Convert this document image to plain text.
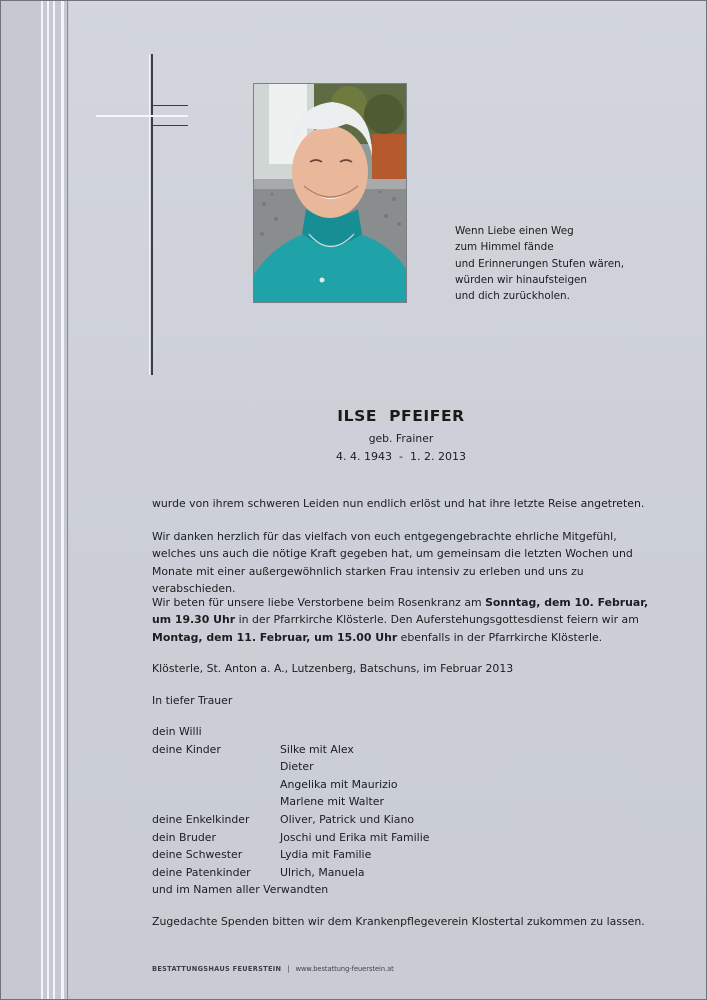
Wenn Liebe einen Weg
zum Himmel fände
und Erinnerungen Stufen wären,
würden wir hinaufsteigen
und dich zurückholen.
ILSE PFEIFER
geb. Frainer
4. 4. 1943  -  1. 2. 2013
wurde von ihrem schweren Leiden nun endlich erlöst und hat ihre letzte Reise angetreten.
Wir danken herzlich für das vielfach von euch entgegengebrachte ehrliche Mitgefühl, welches uns auch die nötige Kraft gegeben hat, um gemeinsam die letzten Wochen und Monate mit einer außergewöhnlich starken Frau intensiv zu erleben und uns zu verabschieden.
Wir beten für unsere liebe Verstorbene beim Rosenkranz am Sonntag, dem 10. Februar, um 19.30 Uhr in der Pfarrkirche Klösterle. Den Auferstehungsgottesdienst feiern wir am Montag, dem 11. Februar, um 15.00 Uhr ebenfalls in der Pfarrkirche Klösterle.
Klösterle, St. Anton a. A., Lutzenberg, Batschuns, im Februar 2013
In tiefer Trauer
dein Willi
deine Kinder	Silke mit Alex
Dieter
Angelika mit Maurizio
Marlene mit Walter
deine Enkelkinder	Oliver, Patrick und Kiano
dein Bruder	Joschi und Erika mit Familie
deine Schwester	Lydia mit Familie
deine Patenkinder	Ulrich, Manuela
und im Namen aller Verwandten
Zugedachte Spenden bitten wir dem Krankenpflegeverein Klostertal zukommen zu lassen.
BESTATTUNGSHAUS FEUERSTEIN | www.bestattung-feuerstein.at
